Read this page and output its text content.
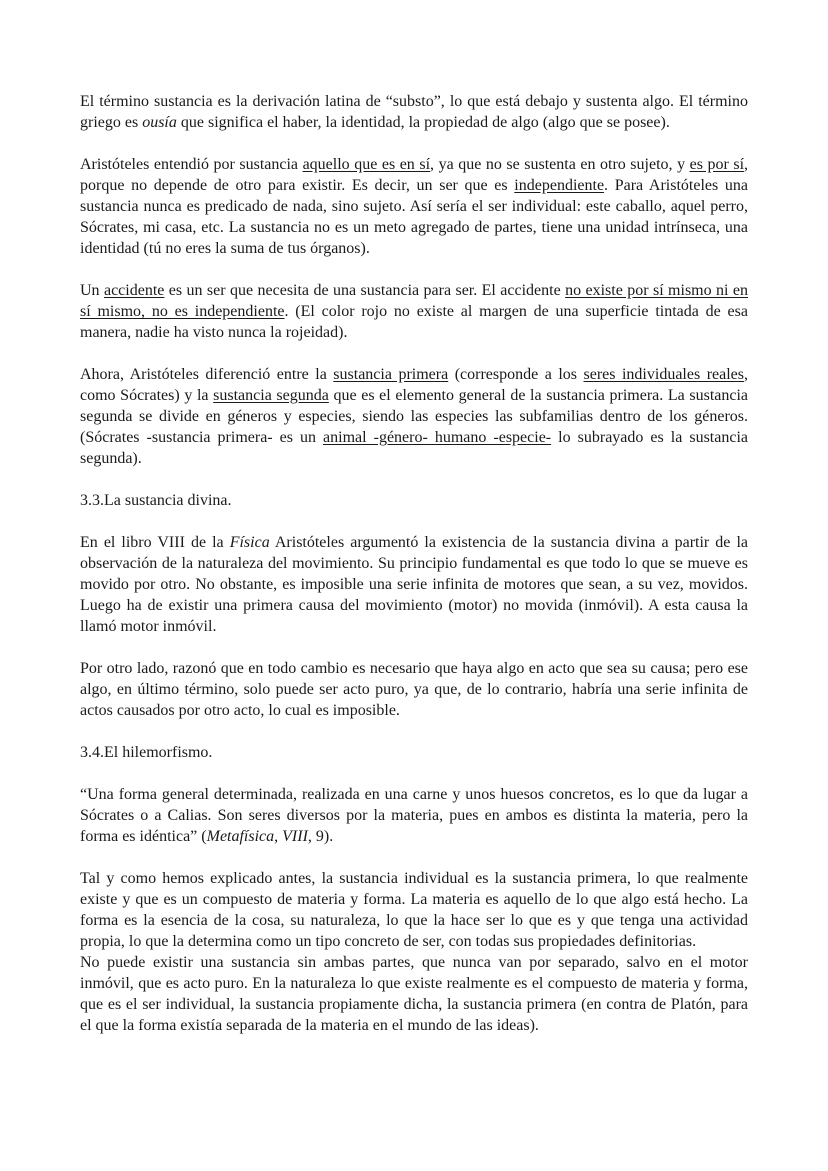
El término sustancia es la derivación latina de “substo”, lo que está debajo y sustenta algo. El término griego es ousía que significa el haber, la identidad, la propiedad de algo (algo que se posee).

Aristóteles entendió por sustancia aquello que es en sí, ya que no se sustenta en otro sujeto, y es por sí, porque no depende de otro para existir. Es decir, un ser que es independiente. Para Aristóteles una sustancia nunca es predicado de nada, sino sujeto. Así sería el ser individual: este caballo, aquel perro, Sócrates, mi casa, etc. La sustancia no es un meto agregado de partes, tiene una unidad intrínseca, una identidad (tú no eres la suma de tus órganos).

Un accidente es un ser que necesita de una sustancia para ser. El accidente no existe por sí mismo ni en sí mismo, no es independiente. (El color rojo no existe al margen de una superficie tintada de esa manera, nadie ha visto nunca la rojeidad).

Ahora, Aristóteles diferenció entre la sustancia primera (corresponde a los seres individuales reales, como Sócrates) y la sustancia segunda que es el elemento general de la sustancia primera. La sustancia segunda se divide en géneros y especies, siendo las especies las subfamilias dentro de los géneros. (Sócrates -sustancia primera- es un animal -género- humano -especie- lo subrayado es la sustancia segunda).

3.3.La sustancia divina.

En el libro VIII de la Física Aristóteles argumentó la existencia de la sustancia divina a partir de la observación de la naturaleza del movimiento. Su principio fundamental es que todo lo que se mueve es movido por otro. No obstante, es imposible una serie infinita de motores que sean, a su vez, movidos. Luego ha de existir una primera causa del movimiento (motor) no movida (inmóvil). A esta causa la llamó motor inmóvil.

Por otro lado, razonó que en todo cambio es necesario que haya algo en acto que sea su causa; pero ese algo, en último término, solo puede ser acto puro, ya que, de lo contrario, habría una serie infinita de actos causados por otro acto, lo cual es imposible.

3.4.El hilemorfismo.

“Una forma general determinada, realizada en una carne y unos huesos concretos, es lo que da lugar a Sócrates o a Calias. Son seres diversos por la materia, pues en ambos es distinta la materia, pero la forma es idéntica” (Metafísica, VIII, 9).

Tal y como hemos explicado antes, la sustancia individual es la sustancia primera, lo que realmente existe y que es un compuesto de materia y forma. La materia es aquello de lo que algo está hecho. La forma es la esencia de la cosa, su naturaleza, lo que la hace ser lo que es y que tenga una actividad propia, lo que la determina como un tipo concreto de ser, con todas sus propiedades definitorias.

No puede existir una sustancia sin ambas partes, que nunca van por separado, salvo en el motor inmóvil, que es acto puro. En la naturaleza lo que existe realmente es el compuesto de materia y forma, que es el ser individual, la sustancia propiamente dicha, la sustancia primera (en contra de Platón, para el que la forma existía separada de la materia en el mundo de las ideas).
